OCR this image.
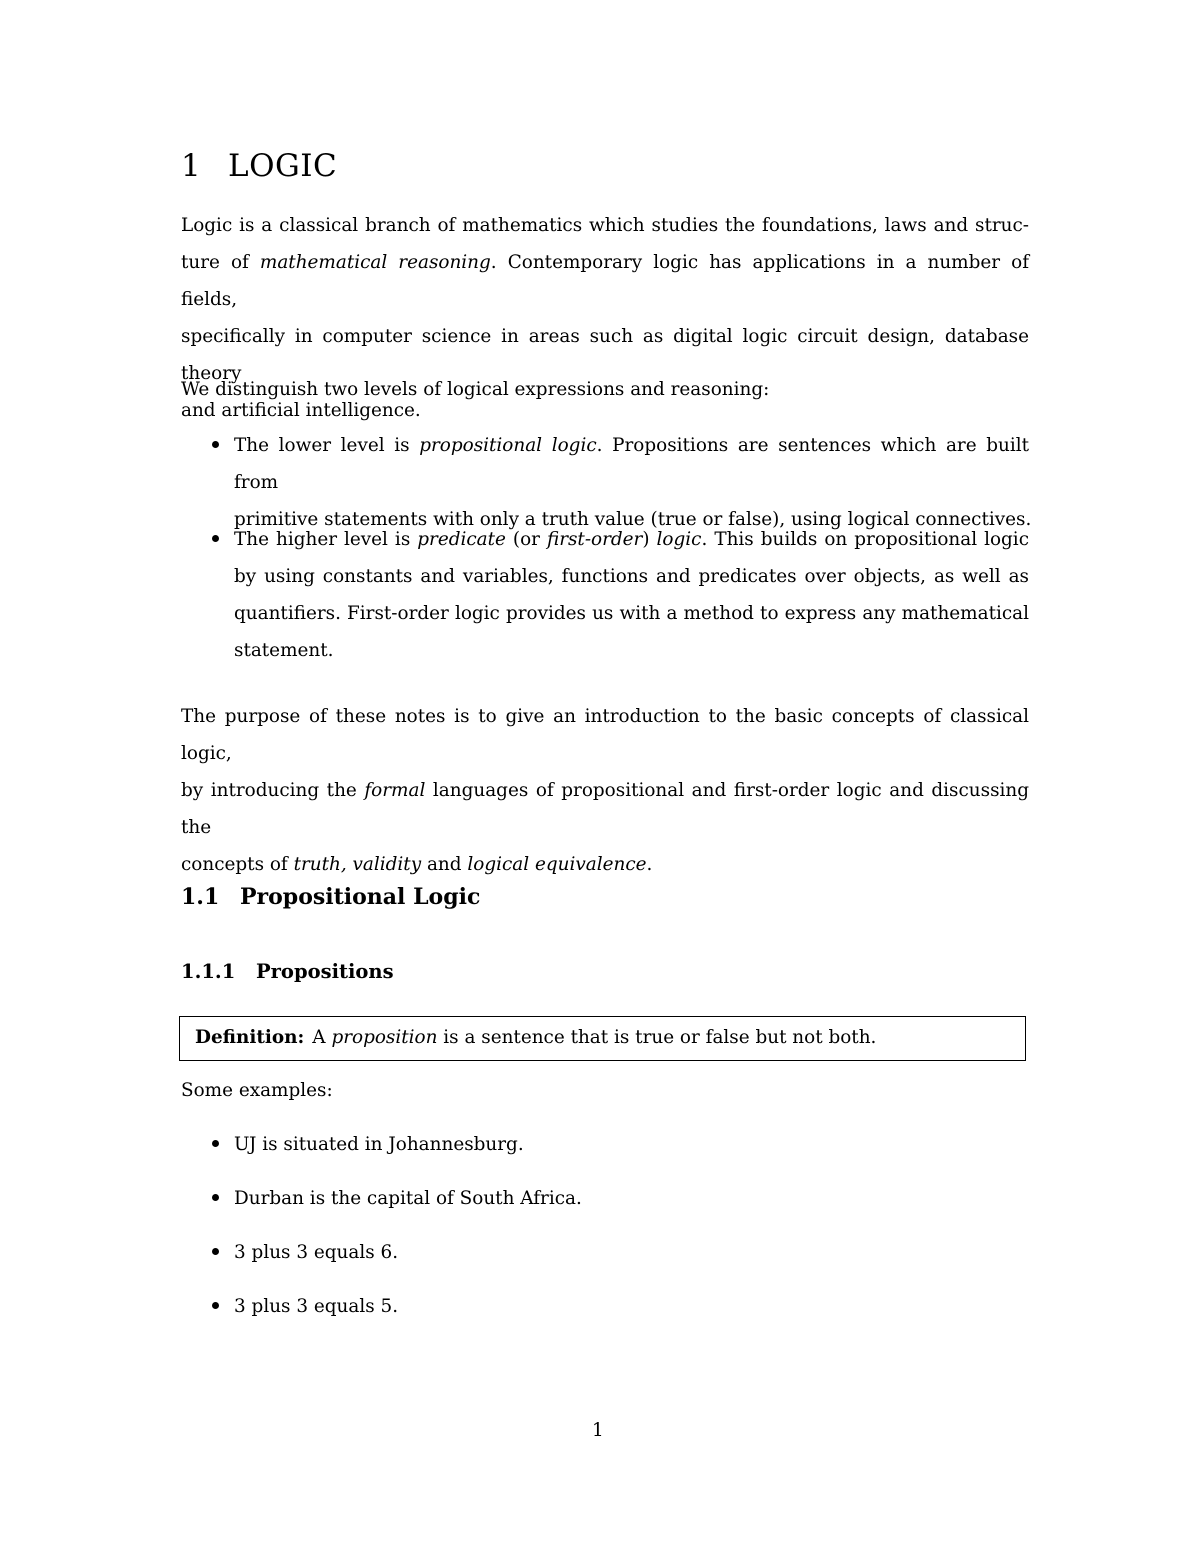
1 LOGIC

Logic is a classical branch of mathematics which studies the foundations, laws and struc-
ture of mathematical reasoning. Contemporary logic has applications in a number of fields,
specifically in computer science in areas such as digital logic circuit design, database theory
and artificial intelligence.

We distinguish two levels of logical expressions and reasoning:

The lower level is propositional logic. Propositions are sentences which are built from
primitive statements with only a truth value (true or false), using logical connectives.
The higher level is predicate (or first-order) logic. This builds on propositional logic
by using constants and variables, functions and predicates over objects, as well as
quantifiers. First-order logic provides us with a method to express any mathematical
statement.

The purpose of these notes is to give an introduction to the basic concepts of classical logic,
by introducing the formal languages of propositional and first-order logic and discussing the
concepts of truth, validity and logical equivalence.

1.1 Propositional Logic
1.1.1 Propositions
Definition: A proposition is a sentence that is true or false but not both.

Some examples:

UJ is situated in Johannesburg.
Durban is the capital of South Africa.
3 plus 3 equals 6.
3 plus 3 equals 5.
1
